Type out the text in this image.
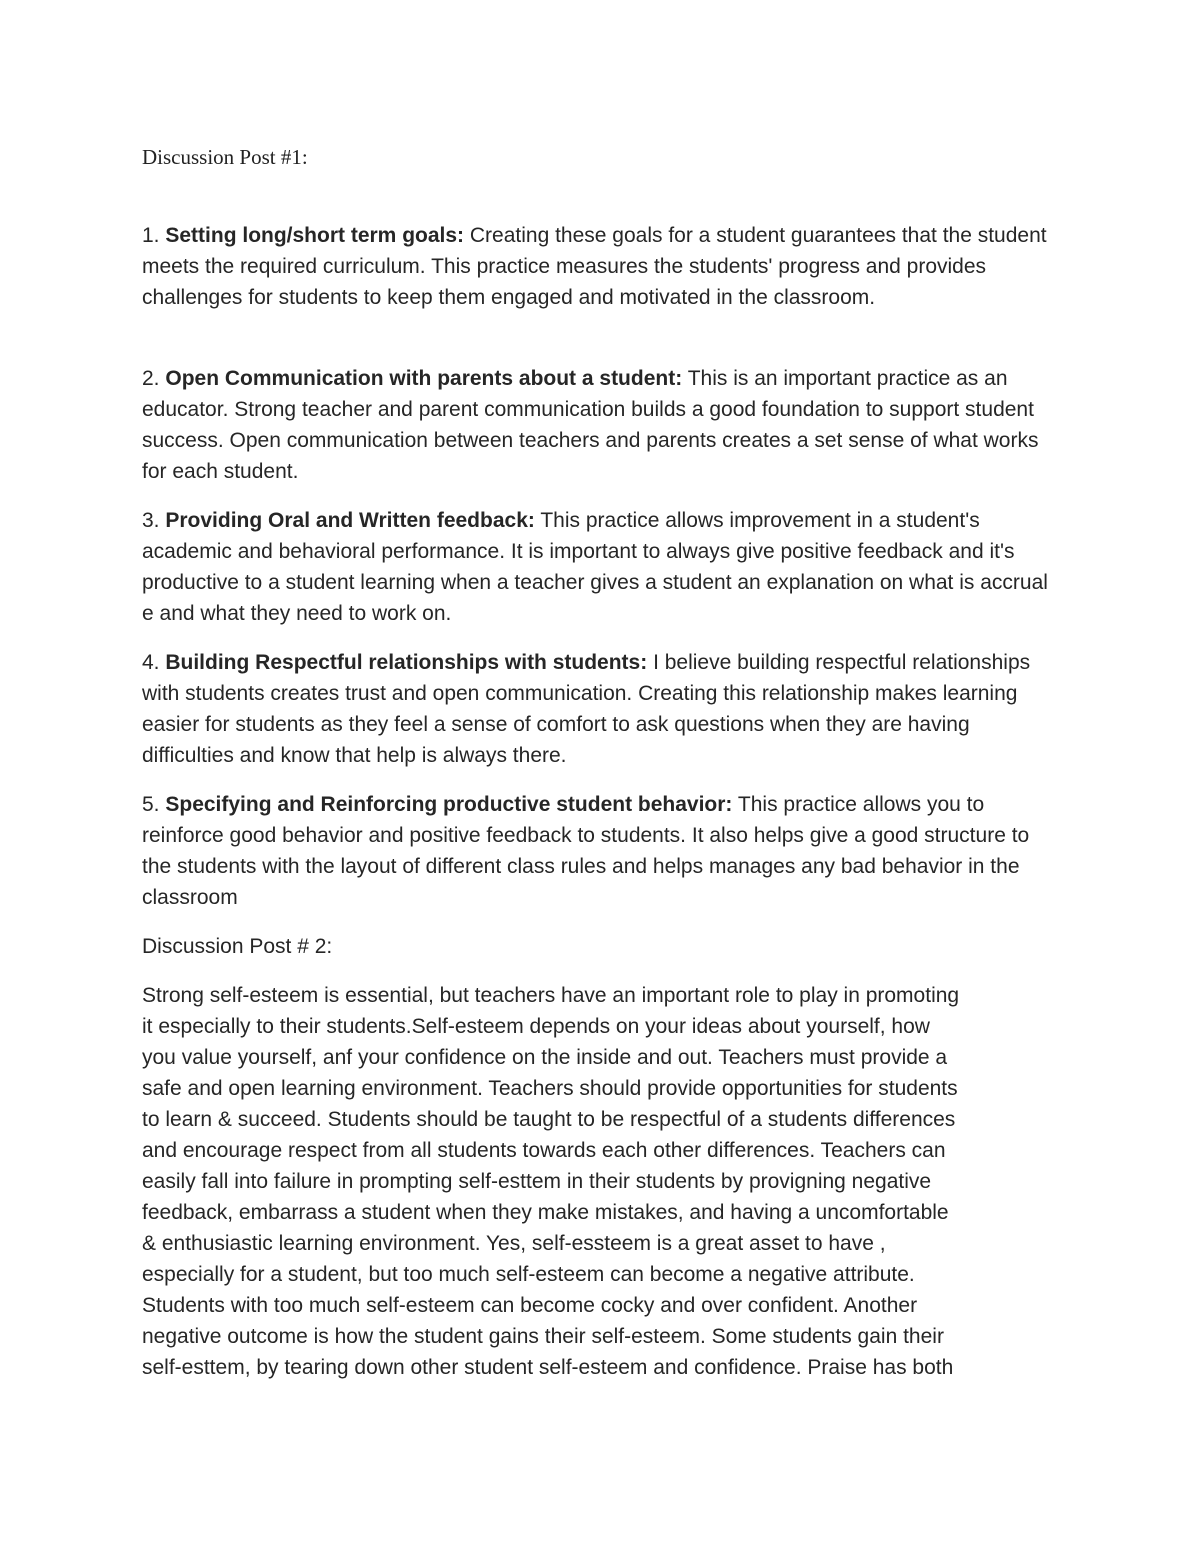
Discussion Post #1:

1. Setting long/short term goals: Creating these goals for a student guarantees that the student meets the required curriculum. This practice measures the students' progress and provides challenges for students to keep them engaged and motivated in the classroom.

2. Open Communication with parents about a student: This is an important practice as an educator. Strong teacher and parent communication builds a good foundation to support student success. Open communication between teachers and parents creates a set sense of what works for each student.

3. Providing Oral and Written feedback: This practice allows improvement in a student's academic and behavioral performance. It is important to always give positive feedback and it's productive to a student learning when a teacher gives a student an explanation on what is accrual e and what they need to work on.

4. Building Respectful relationships with students: I believe building respectful relationships with students creates trust and open communication. Creating this relationship makes learning easier for students as they feel a sense of comfort to ask questions when they are having difficulties and know that help is always there.

5. Specifying and Reinforcing productive student behavior: This practice allows you to reinforce good behavior and positive feedback to students. It also helps give a good structure to the students with the layout of different class rules and helps manages any bad behavior in the classroom

Discussion Post # 2:

Strong self-esteem is essential, but teachers have an important role to play in promoting
it especially to their students.Self-esteem depends on your ideas about yourself, how
you value yourself, anf your confidence on the inside and out. Teachers must provide a
safe and open learning environment. Teachers should provide opportunities for students
to learn & succeed. Students should be taught to be respectful of a students differences
and encourage respect from all students towards each other differences. Teachers can
easily fall into failure in prompting self-esttem in their students by provigning negative
feedback, embarrass a student when they make mistakes, and having a uncomfortable
& enthusiastic learning environment. Yes, self-essteem is a great asset to have ,
especially for a student, but too much self-esteem can become a negative attribute.
Students with too much self-esteem can become cocky and over confident. Another
negative outcome is how the student gains their self-esteem. Some students gain their
self-esttem, by tearing down other student self-esteem and confidence. Praise has both
